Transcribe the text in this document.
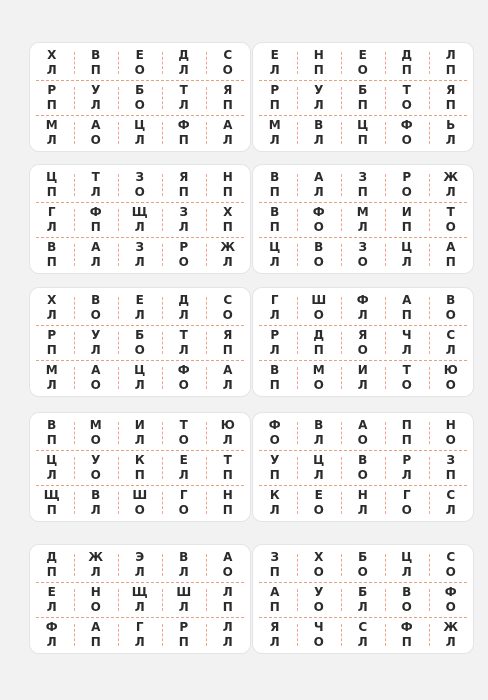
Х
Л
В
П
Е
О
Д
Л
С
О
Р
П
У
Л
Б
О
Т
Л
Я
П
М
Л
А
О
Ц
Л
Ф
П
А
Л
Е
Л
Н
П
Е
О
Д
П
Л
П
Р
П
У
Л
Б
П
Т
О
Я
П
М
Л
В
Л
Ц
П
Ф
О
Ь
Л
Ц
П
Т
Л
З
О
Я
П
Н
П
Г
Л
Ф
П
Щ
Л
З
Л
Х
П
В
П
А
Л
З
Л
Р
О
Ж
Л
В
П
А
Л
З
П
Р
О
Ж
Л
В
П
Ф
О
М
Л
И
П
Т
О
Ц
Л
В
О
З
О
Ц
Л
А
П
Х
Л
В
О
Е
Л
Д
Л
С
О
Р
П
У
Л
Б
О
Т
Л
Я
П
М
Л
А
О
Ц
Л
Ф
О
А
Л
Г
Л
Ш
О
Ф
Л
А
П
В
О
Р
Л
Д
П
Я
О
Ч
Л
С
Л
В
П
М
О
И
Л
Т
О
Ю
О
В
П
М
О
И
Л
Т
О
Ю
Л
Ц
Л
У
О
К
П
Е
Л
Т
П
Щ
П
В
Л
Ш
О
Г
О
Н
П
Ф
О
В
Л
А
О
П
П
Н
О
У
П
Ц
Л
В
О
Р
Л
З
П
К
Л
Е
О
Н
Л
Г
О
С
Л
Д
П
Ж
Л
Э
Л
В
Л
А
О
Е
Л
Н
О
Щ
Л
Ш
Л
Л
П
Ф
Л
А
П
Г
Л
Р
П
Л
Л
З
П
Х
О
Б
О
Ц
Л
С
О
А
П
У
О
Б
Л
В
О
Ф
О
Я
Л
Ч
О
С
Л
Ф
П
Ж
Л
